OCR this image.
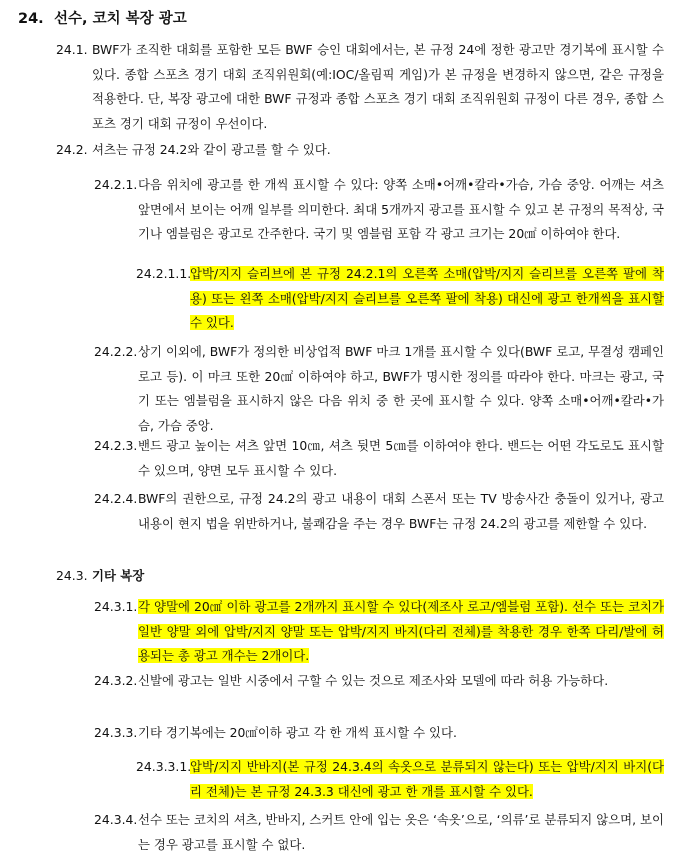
24. 선수, 코치 복장 광고
24.1. BWF가 조직한 대회를 포함한 모든 BWF 승인 대회에서는, 본 규정 24에 정한 광고만 경기복에 표시할 수 있다. 종합 스포츠 경기 대회 조직위원회(예:IOC/올림픽 게임)가 본 규정을 변경하지 않으면, 같은 규정을 적용한다. 단, 복장 광고에 대한 BWF 규정과 종합 스포츠 경기 대회 조직위원회 규정이 다른 경우, 종합 스포츠 경기 대회 규정이 우선이다.
24.2. 셔츠는 규정 24.2와 같이 광고를 할 수 있다.
24.2.1. 다음 위치에 광고를 한 개씩 표시할 수 있다: 양쪽 소매•어깨•칼라•가슴, 가슴 중앙. 어깨는 셔츠 앞면에서 보이는 어깨 일부를 의미한다. 최대 5개까지 광고를 표시할 수 있고 본 규정의 목적상, 국기나 엠블럼은 광고로 간주한다. 국기 및 엠블럼 포함 각 광고 크기는 20㎠ 이하여야 한다.
24.2.1.1.
압박/지지 슬리브에 본 규정 24.2.1의 오른쪽 소매(압박/지지 슬리브를 오른쪽 팔에 착용) 또는 왼쪽 소매(압박/지지 슬리브를 오른쪽 팔에 착용) 대신에 광고 한개씩을 표시할 수 있다.
24.2.2. 상기 이외에, BWF가 정의한 비상업적 BWF 마크 1개를 표시할 수 있다(BWF 로고, 무결성 캠페인 로고 등). 이 마크 또한 20㎠ 이하여야 하고, BWF가 명시한 정의를 따라야 한다. 마크는 광고, 국기 또는 엠블럼을 표시하지 않은 다음 위치 중 한 곳에 표시할 수 있다. 양쪽 소매•어깨•칼라•가슴, 가슴 중앙.
24.2.3. 밴드 광고 높이는 셔츠 앞면 10㎝, 셔츠 뒷면 5㎝를 이하여야 한다. 밴드는 어떤 각도로도 표시할 수 있으며, 양면 모두 표시할 수 있다.
24.2.4. BWF의 권한으로, 규정 24.2의 광고 내용이 대회 스폰서 또는 TV 방송사간 충돌이 있거나, 광고 내용이 현지 법을 위반하거나, 불쾌감을 주는 경우 BWF는 규정 24.2의 광고를 제한할 수 있다.
24.3. 기타 복장
24.3.1. 각 양말에 20㎠ 이하 광고를 2개까지 표시할 수 있다(제조사 로고/엠블럼 포함). 선수 또는 코치가 일반 양말 외에 압박/지지 양말 또는 압박/지지 바지(다리 전체)를 착용한 경우 한쪽 다리/발에 허용되는 총 광고 개수는 2개이다.
24.3.2. 신발에 광고는 일반 시중에서 구할 수 있는 것으로 제조사와 모델에 따라 허용 가능하다.
24.3.3. 기타 경기복에는 20㎠이하 광고 각 한 개씩 표시할 수 있다.
24.3.3.1.
압박/지지 반바지(본 규정 24.3.4의 속옷으로 분류되지 않는다) 또는 압박/지지 바지(다리 전체)는 본 규정 24.3.3 대신에 광고 한 개를 표시할 수 있다.
24.3.4. 선수 또는 코치의 셔츠, 반바지, 스커트 안에 입는 옷은 ‘속옷’으로, ‘의류’로 분류되지 않으며, 보이는 경우 광고를 표시할 수 없다.
